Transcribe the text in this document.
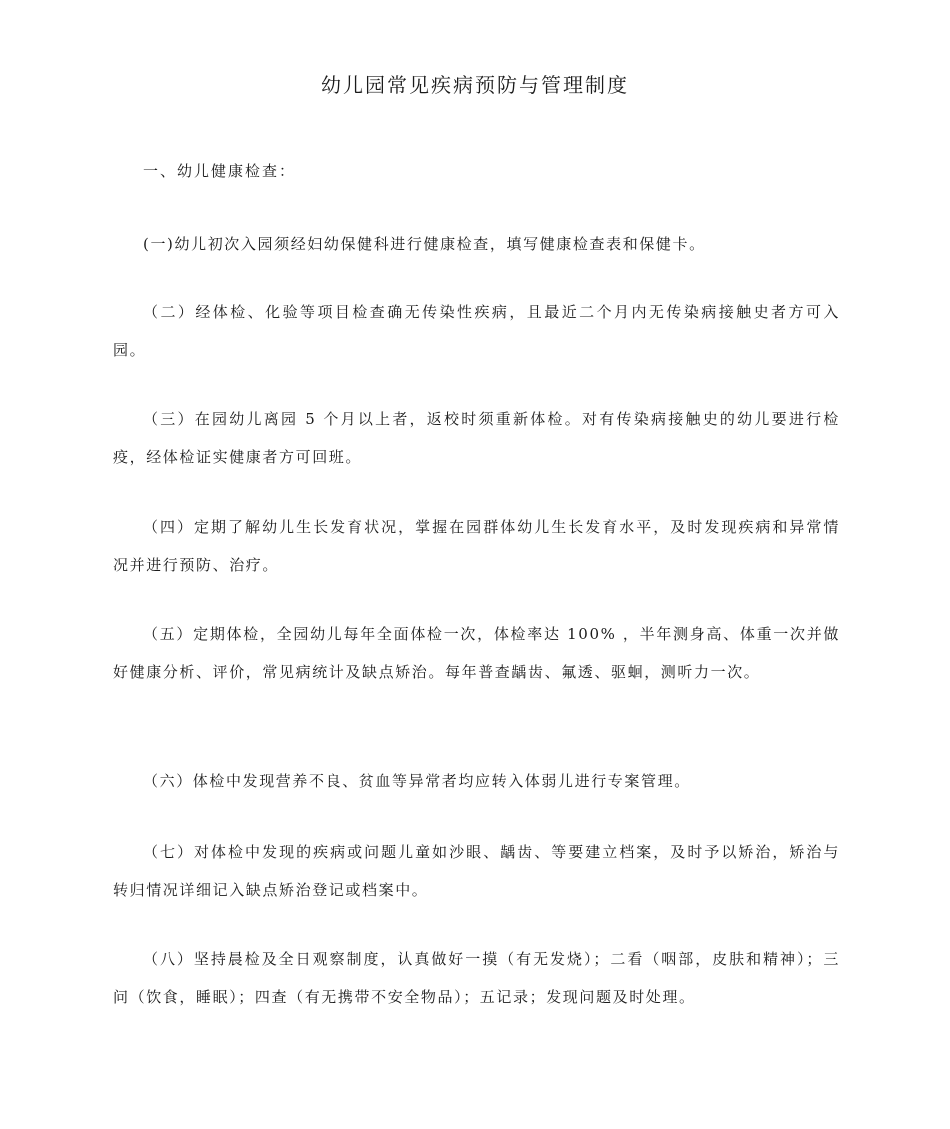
幼儿园常见疾病预防与管理制度

一、幼儿健康检查：

(一)幼儿初次入园须经妇幼保健科进行健康检查，填写健康检查表和保健卡。

（二）经体检、化验等项目检查确无传染性疾病，且最近二个月内无传染病接触史者方可入园。

（三）在园幼儿离园 5 个月以上者，返校时须重新体检。对有传染病接触史的幼儿要进行检疫，经体检证实健康者方可回班。

（四）定期了解幼儿生长发育状况，掌握在园群体幼儿生长发育水平，及时发现疾病和异常情况并进行预防、治疗。

（五）定期体检，全园幼儿每年全面体检一次，体检率达 100% ，半年测身高、体重一次并做好健康分析、评价，常见病统计及缺点矫治。每年普查龋齿、氟透、驱蛔，测听力一次。

（六）体检中发现营养不良、贫血等异常者均应转入体弱儿进行专案管理。

（七）对体检中发现的疾病或问题儿童如沙眼、龋齿、等要建立档案，及时予以矫治，矫治与转归情况详细记入缺点矫治登记或档案中。

（八）坚持晨检及全日观察制度，认真做好一摸（有无发烧）；二看（咽部，皮肤和精神）；三问（饮食，睡眠）；四查（有无携带不安全物品）；五记录；发现问题及时处理。
